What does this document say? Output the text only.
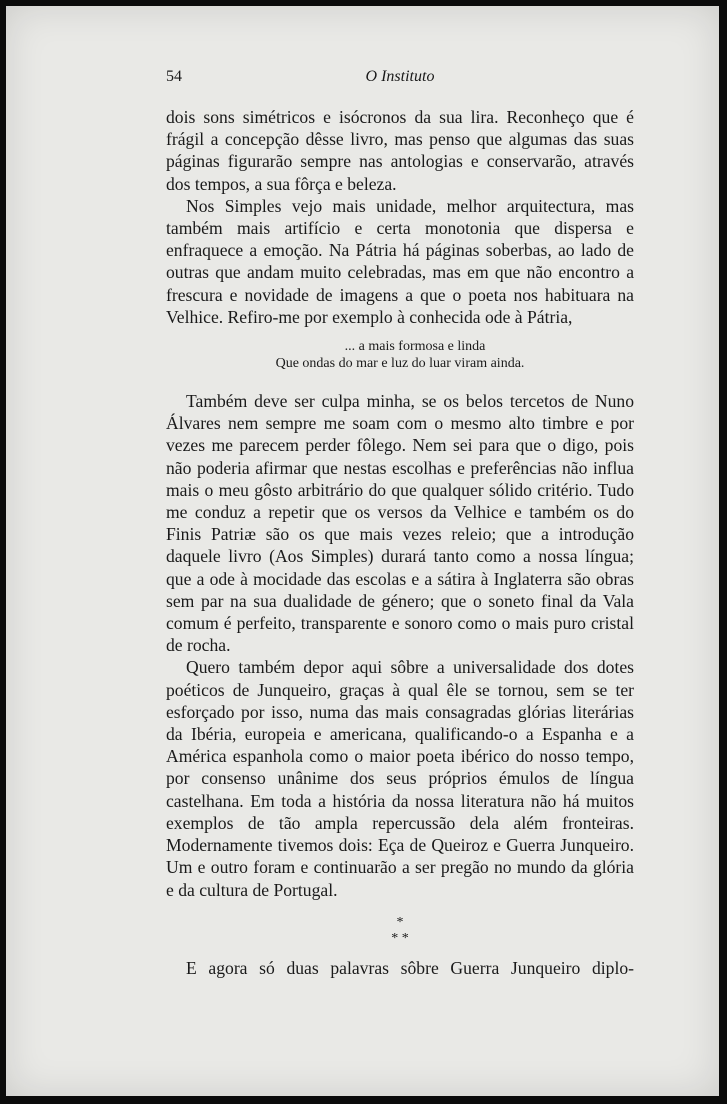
54	O Instituto

dois sons simétricos e isócronos da sua lira. Reconheço que é frágil a concepção dêsse livro, mas penso que algumas das suas páginas figurarão sempre nas antologias e conservarão, através dos tempos, a sua fôrça e beleza.

Nos Simples vejo mais unidade, melhor arquitectura, mas também mais artifício e certa monotonia que dispersa e enfraquece a emoção. Na Pátria há páginas soberbas, ao lado de outras que andam muito celebradas, mas em que não encontro a frescura e novidade de imagens a que o poeta nos habituara na Velhice. Refiro-me por exemplo à conhecida ode à Pátria,

... a mais formosa e linda
Que ondas do mar e luz do luar viram ainda.

Também deve ser culpa minha, se os belos tercetos de Nuno Álvares nem sempre me soam com o mesmo alto timbre e por vezes me parecem perder fôlego. Nem sei para que o digo, pois não poderia afirmar que nestas escolhas e preferências não influa mais o meu gôsto arbitrário do que qualquer sólido critério. Tudo me conduz a repetir que os versos da Velhice e também os do Finis Patriæ são os que mais vezes releio; que a introdução daquele livro (Aos Simples) durará tanto como a nossa língua; que a ode à mocidade das escolas e a sátira à Inglaterra são obras sem par na sua dualidade de género; que o soneto final da Vala comum é perfeito, transparente e sonoro como o mais puro cristal de rocha.

Quero também depor aqui sôbre a universalidade dos dotes poéticos de Junqueiro, graças à qual êle se tornou, sem se ter esforçado por isso, numa das mais consagradas glórias literárias da Ibéria, europeia e americana, qualificando-o a Espanha e a América espanhola como o maior poeta ibérico do nosso tempo, por consenso unânime dos seus próprios émulos de língua castelhana. Em toda a história da nossa literatura não há muitos exemplos de tão ampla repercussão dela além fronteiras. Modernamente tivemos dois: Eça de Queiroz e Guerra Junqueiro. Um e outro foram e continuarão a ser pregão no mundo da glória e da cultura de Portugal.

*
* *

E agora só duas palavras sôbre Guerra Junqueiro diplo-
